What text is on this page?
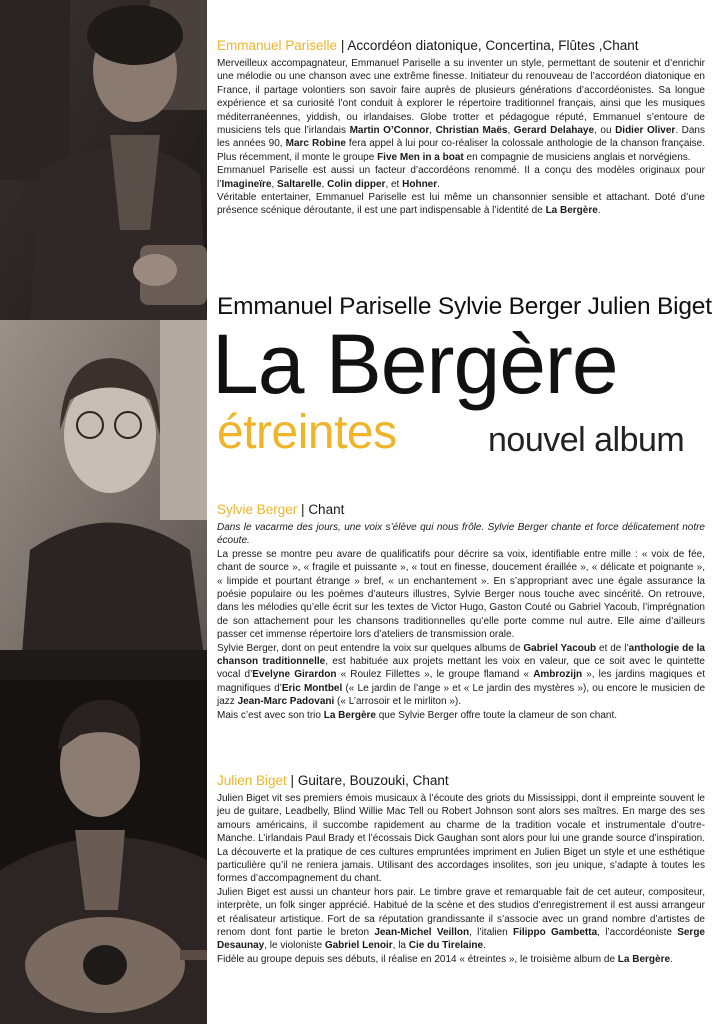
Emmanuel Pariselle | Accordéon diatonique, Concertina, Flûtes ,Chant

Merveilleux accompagnateur, Emmanuel Pariselle a su inventer un style, permettant de soutenir et d’enrichir une mélodie ou une chanson avec une extrême finesse. Initiateur du renouveau de l’accordéon diatonique en France, il partage volontiers son savoir faire auprès de plusieurs générations d’accordéonistes. Sa longue expérience et sa curiosité l’ont conduit à explorer le répertoire traditionnel français, ainsi que les musiques méditerranéennes, yiddish, ou irlandaises. Globe trotter et pédagogue réputé, Emmanuel s’entoure de musiciens tels que l’irlandais Martin O’Connor, Christian Maës, Gerard Delahaye, ou Didier Oliver. Dans les années 90, Marc Robine fera appel à lui pour co-réaliser la colossale anthologie de la chanson française. Plus récemment, il monte le groupe Five Men in a boat en compagnie de musiciens anglais et norvégiens.

Emmanuel Pariselle est aussi un facteur d’accordéons renommé. Il a conçu des modèles originaux pour l’Imagineïre, Saltarelle, Colin dipper, et Hohner.

Véritable entertainer, Emmanuel Pariselle est lui même un chansonnier sensible et attachant. Doté d’une présence scénique déroutante, il est une part indispensable à l’identité de La Bergère.

Emmanuel Pariselle Sylvie Berger Julien Biget
La Bergère
étreintes	nouvel album
Sylvie Berger | Chant

Dans le vacarme des jours, une voix s’élève qui nous frôle. Sylvie Berger chante et force délicatement notre écoute.

La presse se montre peu avare de qualificatifs pour décrire sa voix, identifiable entre mille : « voix de fée, chant de source », « fragile et puissante », « tout en finesse, doucement éraillée », « délicate et poignante », « limpide et pourtant étrange » bref, « un enchantement ». En s’appropriant avec une égale assurance la poésie populaire ou les poèmes d’auteurs illustres, Sylvie Berger nous touche avec sincérité. On retrouve, dans les mélodies qu’elle écrit sur les textes de Victor Hugo, Gaston Couté ou Gabriel Yacoub, l’imprégnation de son attachement pour les chansons traditionnelles qu’elle porte comme nul autre. Elle aime d’ailleurs passer cet immense répertoire lors d’ateliers de transmission orale.

Sylvie Berger, dont on peut entendre la voix sur quelques albums de Gabriel Yacoub et de l’anthologie de la chanson traditionnelle, est habituée aux projets mettant les voix en valeur, que ce soit avec le quintette vocal d’Evelyne Girardon « Roulez Fillettes », le groupe flamand « Ambrozijn », les jardins magiques et magnifiques d’Eric Montbel (« Le jardin de l’ange » et « Le jardin des mystères »), ou encore le musicien de jazz Jean-Marc Padovani (« L’arrosoir et le mirliton »).

Mais c’est avec son trio La Bergère que Sylvie Berger offre toute la clameur de son chant.

Julien Biget | Guitare, Bouzouki, Chant

Julien Biget vit ses premiers émois musicaux à l’écoute des griots du Mississippi, dont il empreinte souvent le jeu de guitare, Leadbelly, Blind Willie Mac Tell ou Robert Johnson sont alors ses maîtres. En marge des ses amours américains, il succombe rapidement au charme de la tradition vocale et instrumentale d’outre-Manche. L’irlandais Paul Brady et l’écossais Dick Gaughan sont alors pour lui une grande source d’inspiration. La découverte et la pratique de ces cultures empruntées impriment en Julien Biget un style et une esthétique particulière qu’il ne reniera jamais. Utilisant des accordages insolites, son jeu unique, s’adapte à toutes les formes d’accompagnement du chant.

Julien Biget est aussi un chanteur hors pair. Le timbre grave et remarquable fait de cet auteur, compositeur, interprète, un folk singer apprécié. Habitué de la scène et des studios d’enregistrement il est aussi arrangeur et réalisateur artistique. Fort de sa réputation grandissante il s’associe avec un grand nombre d’artistes de renom dont font partie le breton Jean-Michel Veillon, l’italien Filippo Gambetta, l’accordéoniste Serge Desaunay, le violoniste Gabriel Lenoir, la Cie du Tirelaine.

Fidèle au groupe depuis ses débuts, il réalise en 2014 « étreintes », le troisième album de La Bergère.
